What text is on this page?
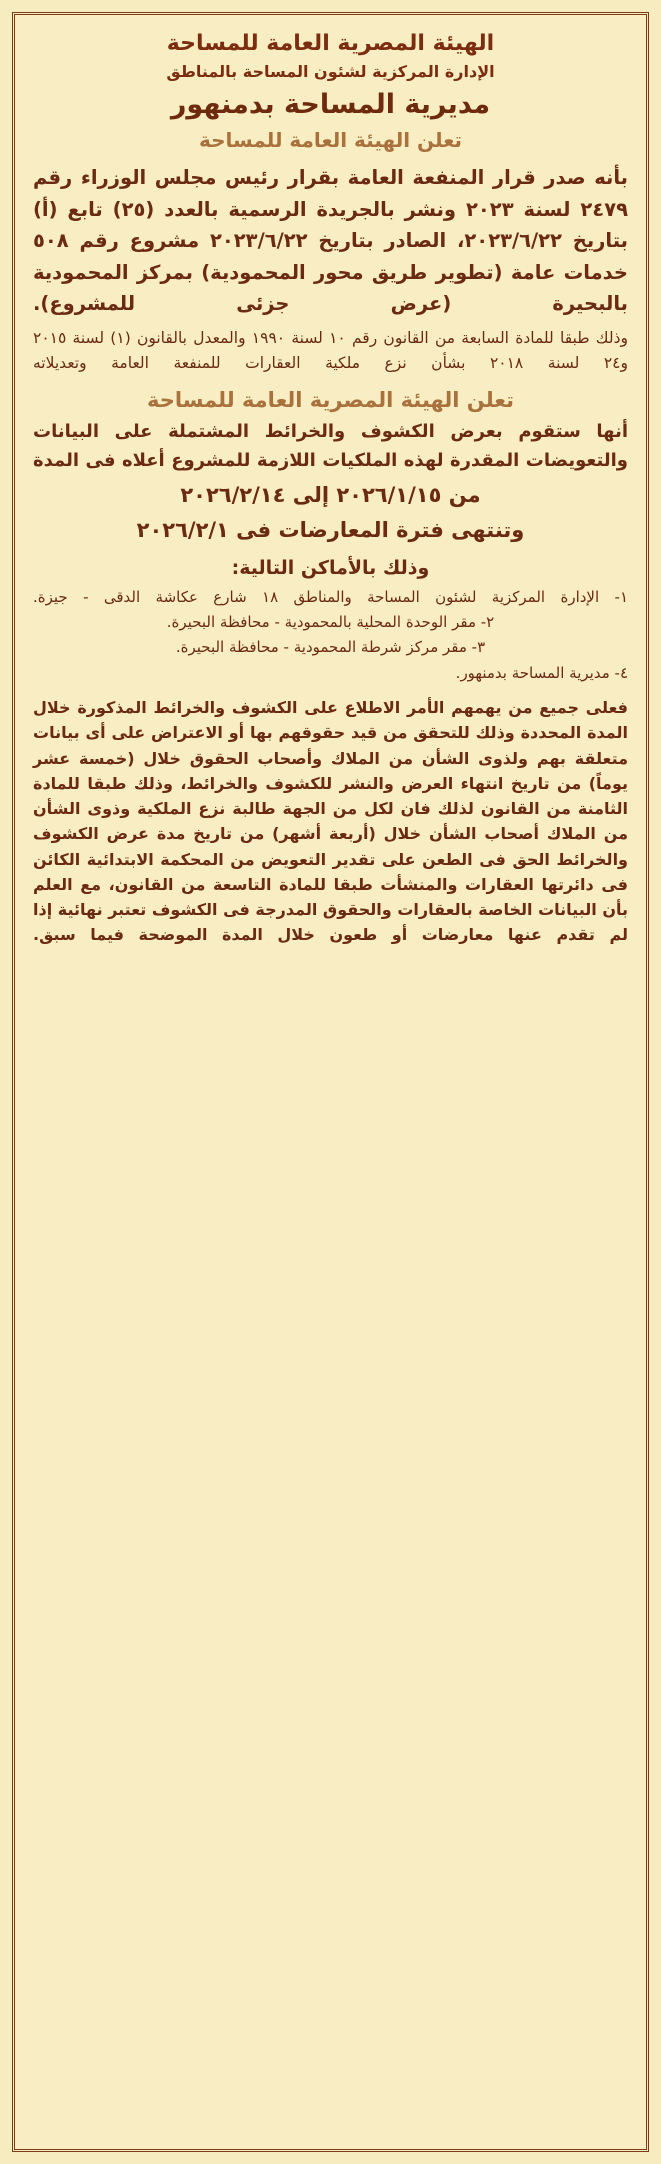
الهيئة المصرية العامة للمساحة
الإدارة المركزية لشئون المساحة بالمناطق
مديرية المساحة بدمنهور
تعلن الهيئة العامة للمساحة
بأنه صدر قرار المنفعة العامة بقرار رئيس مجلس الوزراء رقم ٢٤٧٩ لسنة ٢٠٢٣ ونشر بالجريدة الرسمية بالعدد (٢٥) تابع (أ) بتاريخ ٢٠٢٣/٦/٢٢، الصادر بتاريخ ٢٠٢٣/٦/٢٢ مشروع رقم ٥٠٨ خدمات عامة (تطوير طريق محور المحمودية) بمركز المحمودية بالبحيرة (عرض جزئى للمشروع).
وذلك طبقا للمادة السابعة من القانون رقم ١٠ لسنة ١٩٩٠ والمعدل بالقانون (١) لسنة ٢٠١٥ و٢٤ لسنة ٢٠١٨ بشأن نزع ملكية العقارات للمنفعة العامة وتعديلاته
تعلن الهيئة المصرية العامة للمساحة
أنها ستقوم بعرض الكشوف والخرائط المشتملة على البيانات والتعويضات المقدرة لهذه الملكيات اللازمة للمشروع أعلاه فى المدة
من ٢٠٢٦/١/١٥ إلى ٢٠٢٦/٢/١٤
وتنتهى فترة المعارضات فى ٢٠٢٦/٢/١
وذلك بالأماكن التالية:
١- الإدارة المركزية لشئون المساحة والمناطق ١٨ شارع عكاشة الدقى - جيزة.
٢- مقر الوحدة المحلية بالمحمودية - محافظة البحيرة.
٣- مقر مركز شرطة المحمودية - محافظة البحيرة.
٤- مديرية المساحة بدمنهور.
فعلى جميع من يهمهم الأمر الاطلاع على الكشوف والخرائط المذكورة خلال المدة المحددة وذلك للتحقق من قيد حقوقهم بها أو الاعتراض على أى بيانات متعلقة بهم ولذوى الشأن من الملاك وأصحاب الحقوق خلال (خمسة عشر يوماً) من تاريخ انتهاء العرض والنشر للكشوف والخرائط، وذلك طبقا للمادة الثامنة من القانون لذلك فان لكل من الجهة طالبة نزع الملكية وذوى الشأن من الملاك أصحاب الشأن خلال (أربعة أشهر) من تاريخ مدة عرض الكشوف والخرائط الحق فى الطعن على تقدير التعويض من المحكمة الابتدائية الكائن فى دائرتها العقارات والمنشأت طبقا للمادة التاسعة من القانون، مع العلم بأن البيانات الخاصة بالعقارات والحقوق المدرجة فى الكشوف تعتبر نهائية إذا لم تقدم عنها معارضات أو طعون خلال المدة الموضحة فيما سبق.
